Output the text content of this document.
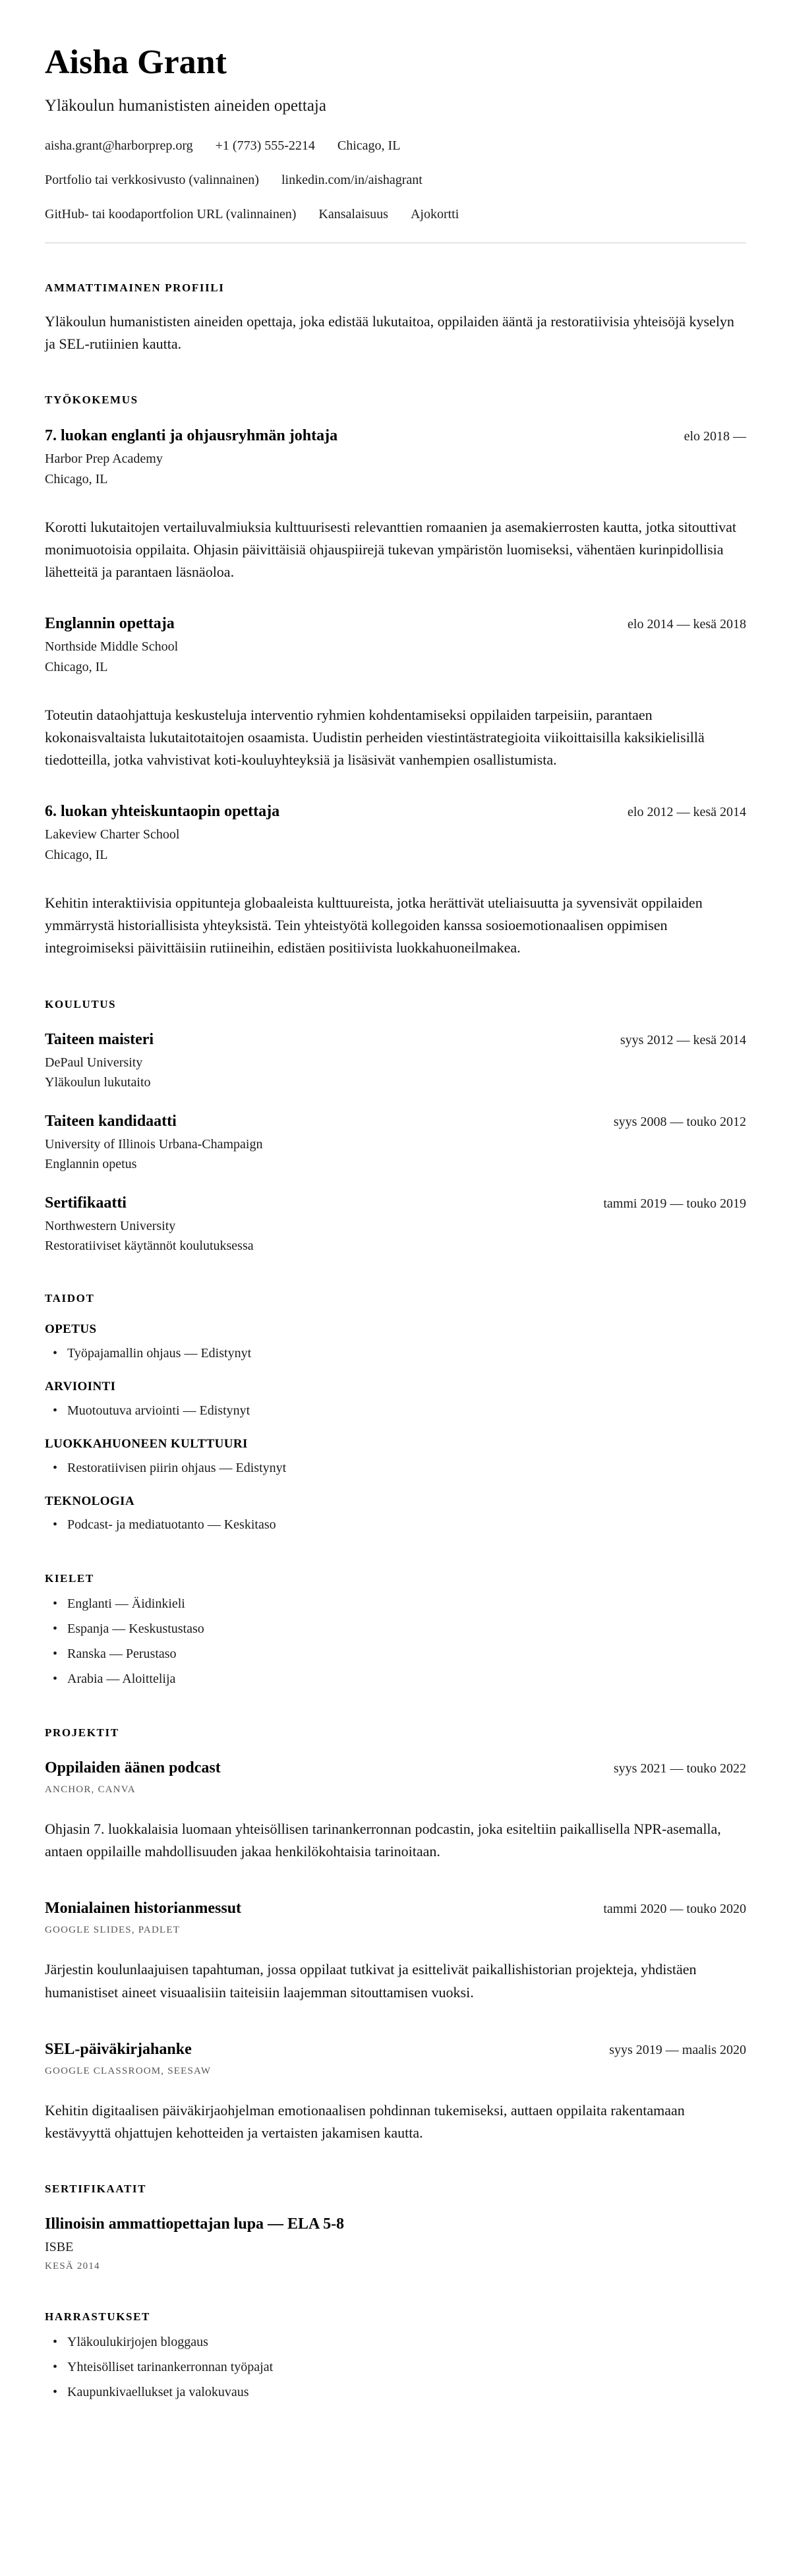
Aisha Grant
Yläkoulun humanististen aineiden opettaja
aisha.grant@harborprep.org +1 (773) 555-2214 Chicago, IL
Portfolio tai verkkosivusto (valinnainen) linkedin.com/in/aishagrant
GitHub- tai koodaportfolion URL (valinnainen) Kansalaisuus Ajokortti
AMMATTIMAINEN PROFIILI

Yläkoulun humanististen aineiden opettaja, joka edistää lukutaitoa, oppilaiden ääntä ja restoratiivisia yhteisöjä kyselyn ja SEL-rutiinien kautta.

TYÖKOKEMUS
7. luokan englanti ja ohjausryhmän johtaja	elo 2018 —
Harbor Prep Academy
Chicago, IL

Korotti lukutaitojen vertailuvalmiuksia kulttuurisesti relevanttien romaanien ja asemakierrosten kautta, jotka sitouttivat monimuotoisia oppilaita. Ohjasin päivittäisiä ohjauspiirejä tukevan ympäristön luomiseksi, vähentäen kurinpidollisia lähetteitä ja parantaen läsnäoloa.

Englannin opettaja	elo 2014 — kesä 2018
Northside Middle School
Chicago, IL

Toteutin dataohjattuja keskusteluja interventio ryhmien kohdentamiseksi oppilaiden tarpeisiin, parantaen kokonaisvaltaista lukutaitotaitojen osaamista. Uudistin perheiden viestintästrategioita viikoittaisilla kaksikielisillä tiedotteilla, jotka vahvistivat koti-kouluyhteyksiä ja lisäsivät vanhempien osallistumista.

6. luokan yhteiskuntaopin opettaja	elo 2012 — kesä 2014
Lakeview Charter School
Chicago, IL

Kehitin interaktiivisia oppitunteja globaaleista kulttuureista, jotka herättivät uteliaisuutta ja syvensivät oppilaiden ymmärrystä historiallisista yhteyksistä. Tein yhteistyötä kollegoiden kanssa sosioemotionaalisen oppimisen integroimiseksi päivittäisiin rutiineihin, edistäen positiivista luokkahuoneilmakea.

KOULUTUS
Taiteen maisteri	syys 2012 — kesä 2014
DePaul University
Yläkoulun lukutaito
Taiteen kandidaatti	syys 2008 — touko 2012
University of Illinois Urbana-Champaign
Englannin opetus
Sertifikaatti	tammi 2019 — touko 2019
Northwestern University
Restoratiiviset käytännöt koulutuksessa
TAIDOT
OPETUS
• Työpajamallin ohjaus — Edistynyt
ARVIOINTI
• Muotoutuva arviointi — Edistynyt
LUOKKAHUONEEN KULTTUURI
• Restoratiivisen piirin ohjaus — Edistynyt
TEKNOLOGIA
• Podcast- ja mediatuotanto — Keskitaso
KIELET
• Englanti — Äidinkieli
• Espanja — Keskustustaso
• Ranska — Perustaso
• Arabia — Aloittelija
PROJEKTIT
Oppilaiden äänen podcast	syys 2021 — touko 2022
ANCHOR, CANVA

Ohjasin 7. luokkalaisia luomaan yhteisöllisen tarinankerronnan podcastin, joka esiteltiin paikallisella NPR-asemalla, antaen oppilaille mahdollisuuden jakaa henkilökohtaisia tarinoitaan.

Monialainen historianmessut	tammi 2020 — touko 2020
GOOGLE SLIDES, PADLET

Järjestin koulunlaajuisen tapahtuman, jossa oppilaat tutkivat ja esittelivät paikallishistorian projekteja, yhdistäen humanistiset aineet visuaalisiin taiteisiin laajemman sitouttamisen vuoksi.

SEL-päiväkirjahanke	syys 2019 — maalis 2020
GOOGLE CLASSROOM, SEESAW

Kehitin digitaalisen päiväkirjaohjelman emotionaalisen pohdinnan tukemiseksi, auttaen oppilaita rakentamaan kestävyyttä ohjattujen kehotteiden ja vertaisten jakamisen kautta.

SERTIFIKAATIT
Illinoisin ammattiopettajan lupa — ELA 5-8
ISBE
KESÄ 2014
HARRASTUKSET
• Yläkoulukirjojen bloggaus
• Yhteisölliset tarinankerronnan työpajat
• Kaupunkivaellukset ja valokuvaus
